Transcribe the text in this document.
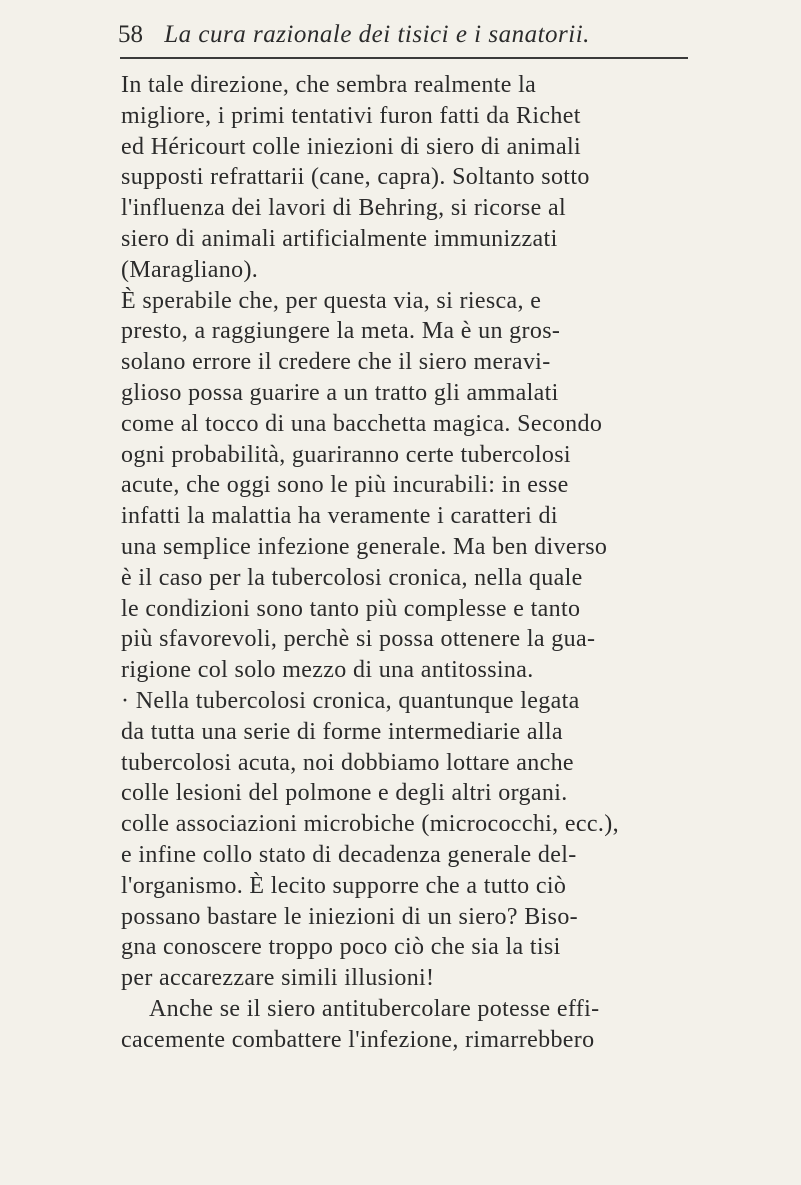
58 La cura razionale dei tisici e i sanatorii.
In tale direzione, che sembra realmente la
migliore, i primi tentativi furon fatti da Richet
ed Héricourt colle iniezioni di siero di animali
supposti refrattarii (cane, capra). Soltanto sotto
l'influenza dei lavori di Behring, si ricorse al
siero di animali artificialmente immunizzati
(Maragliano).
È sperabile che, per questa via, si riesca, e
presto, a raggiungere la meta. Ma è un gros-
solano errore il credere che il siero meravi-
glioso possa guarire a un tratto gli ammalati
come al tocco di una bacchetta magica. Secondo
ogni probabilità, guariranno certe tubercolosi
acute, che oggi sono le più incurabili: in esse
infatti la malattia ha veramente i caratteri di
una semplice infezione generale. Ma ben diverso
è il caso per la tubercolosi cronica, nella quale
le condizioni sono tanto più complesse e tanto
più sfavorevoli, perchè si possa ottenere la gua-
rigione col solo mezzo di una antitossina.
· Nella tubercolosi cronica, quantunque legata
da tutta una serie di forme intermediarie alla
tubercolosi acuta, noi dobbiamo lottare anche
colle lesioni del polmone e degli altri organi.
colle associazioni microbiche (micrococchi, ecc.),
e infine collo stato di decadenza generale del-
l'organismo. È lecito supporre che a tutto ciò
possano bastare le iniezioni di un siero? Biso-
gna conoscere troppo poco ciò che sia la tisi
per accarezzare simili illusioni!
Anche se il siero antitubercolare potesse effi-
cacemente combattere l'infezione, rimarrebbero
